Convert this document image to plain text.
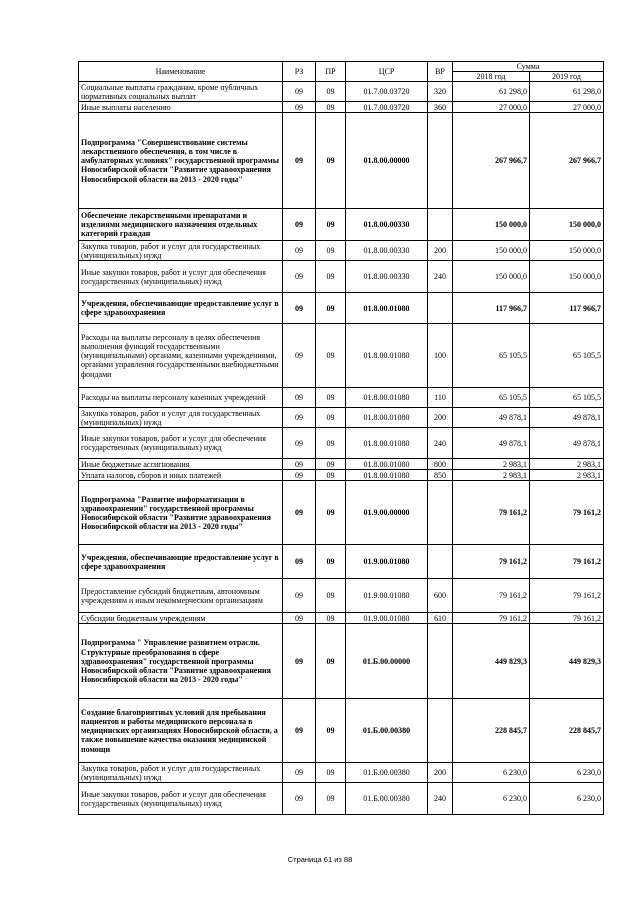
Наименование	РЗ	ПР	ЦСР	ВР	Сумма	
					2018 год	2019 год
Социальные выплаты гражданам, кроме публичных нормативных социальных выплат	09	09	01.7.00.03720	320	61 298,0	61 298,0
Иные выплаты населению	09	09	01.7.00.03720	360	27 000,0	27 000,0
Подпрограмма "Совершенствование системы лекарственного обеспечения, в том числе в амбулаторных условиях" государственной программы Новосибирской области "Развитие здравоохранения Новосибирской области на 2013 - 2020 годы"	09	09	01.8.00.00000		267 966,7	267 966,7
Обеспечение лекарственными препаратами и изделиями медицинского назначения отдельных категорий граждан	09	09	01.8.00.00330		150 000,0	150 000,0
Закупка товаров, работ и услуг для государственных (муниципальных) нужд	09	09	01.8.00.00330	200	150 000,0	150 000,0
Иные закупки товаров, работ и услуг для обеспечения государственных (муниципальных) нужд	09	09	01.8.00.00330	240	150 000,0	150 000,0
Учреждения, обеспечивающие предоставление услуг в сфере здравоохранения	09	09	01.8.00.01080		117 966,7	117 966,7
Расходы на выплаты персоналу в целях обеспечения выполнения функций государственными (муниципальными) органами, казенными учреждениями, органами управления государственными внебюджетными фондами	09	09	01.8.00.01080	100	65 105,5	65 105,5
Расходы на выплаты персоналу казенных учреждений	09	09	01.8.00.01080	110	65 105,5	65 105,5
Закупка товаров, работ и услуг для государственных (муниципальных) нужд	09	09	01.8.00.01080	200	49 878,1	49 878,1
Иные закупки товаров, работ и услуг для обеспечения государственных (муниципальных) нужд	09	09	01.8.00.01080	240	49 878,1	49 878,1
Иные бюджетные ассигнования	09	09	01.8.00.01080	800	2 983,1	2 983,1
Уплата налогов, сборов и иных платежей	09	09	01.8.00.01080	850	2 983,1	2 983,1
Подпрограмма "Развитие информатизации в здравоохранении" государственной программы Новосибирской области "Развитие здравоохранения Новосибирской области на 2013 - 2020 годы"	09	09	01.9.00.00000		79 161,2	79 161,2
Учреждения, обеспечивающие предоставление услуг в сфере здравоохранения	09	09	01.9.00.01080		79 161,2	79 161,2
Предоставление субсидий бюджетным, автономным учреждениям и иным некоммерческим организациям	09	09	01.9.00.01080	600	79 161,2	79 161,2
Субсидии бюджетным учреждениям	09	09	01.9.00.01080	610	79 161,2	79 161,2
Подпрограмма " Управление развитием отрасли. Структурные преобразования в сфере здравоохранения" государственной программы Новосибирской области "Развитие здравоохранения Новосибирской области на 2013 - 2020 годы"	09	09	01.Б.00.00000		449 829,3	449 829,3
Создание благоприятных условий для пребывания пациентов и работы медицинского персонала в медицинских организациях Новосибирской области, а также повышение качества оказания медицинской помощи	09	09	01.Б.00.00380		228 845,7	228 845,7
Закупка товаров, работ и услуг для государственных (муниципальных) нужд	09	09	01.Б.00.00380	200	6 230,0	6 230,0
Иные закупки товаров, работ и услуг для обеспечения государственных (муниципальных) нужд	09	09	01.Б.00.00380	240	6 230,0	6 230,0
Страница 61 из 88
